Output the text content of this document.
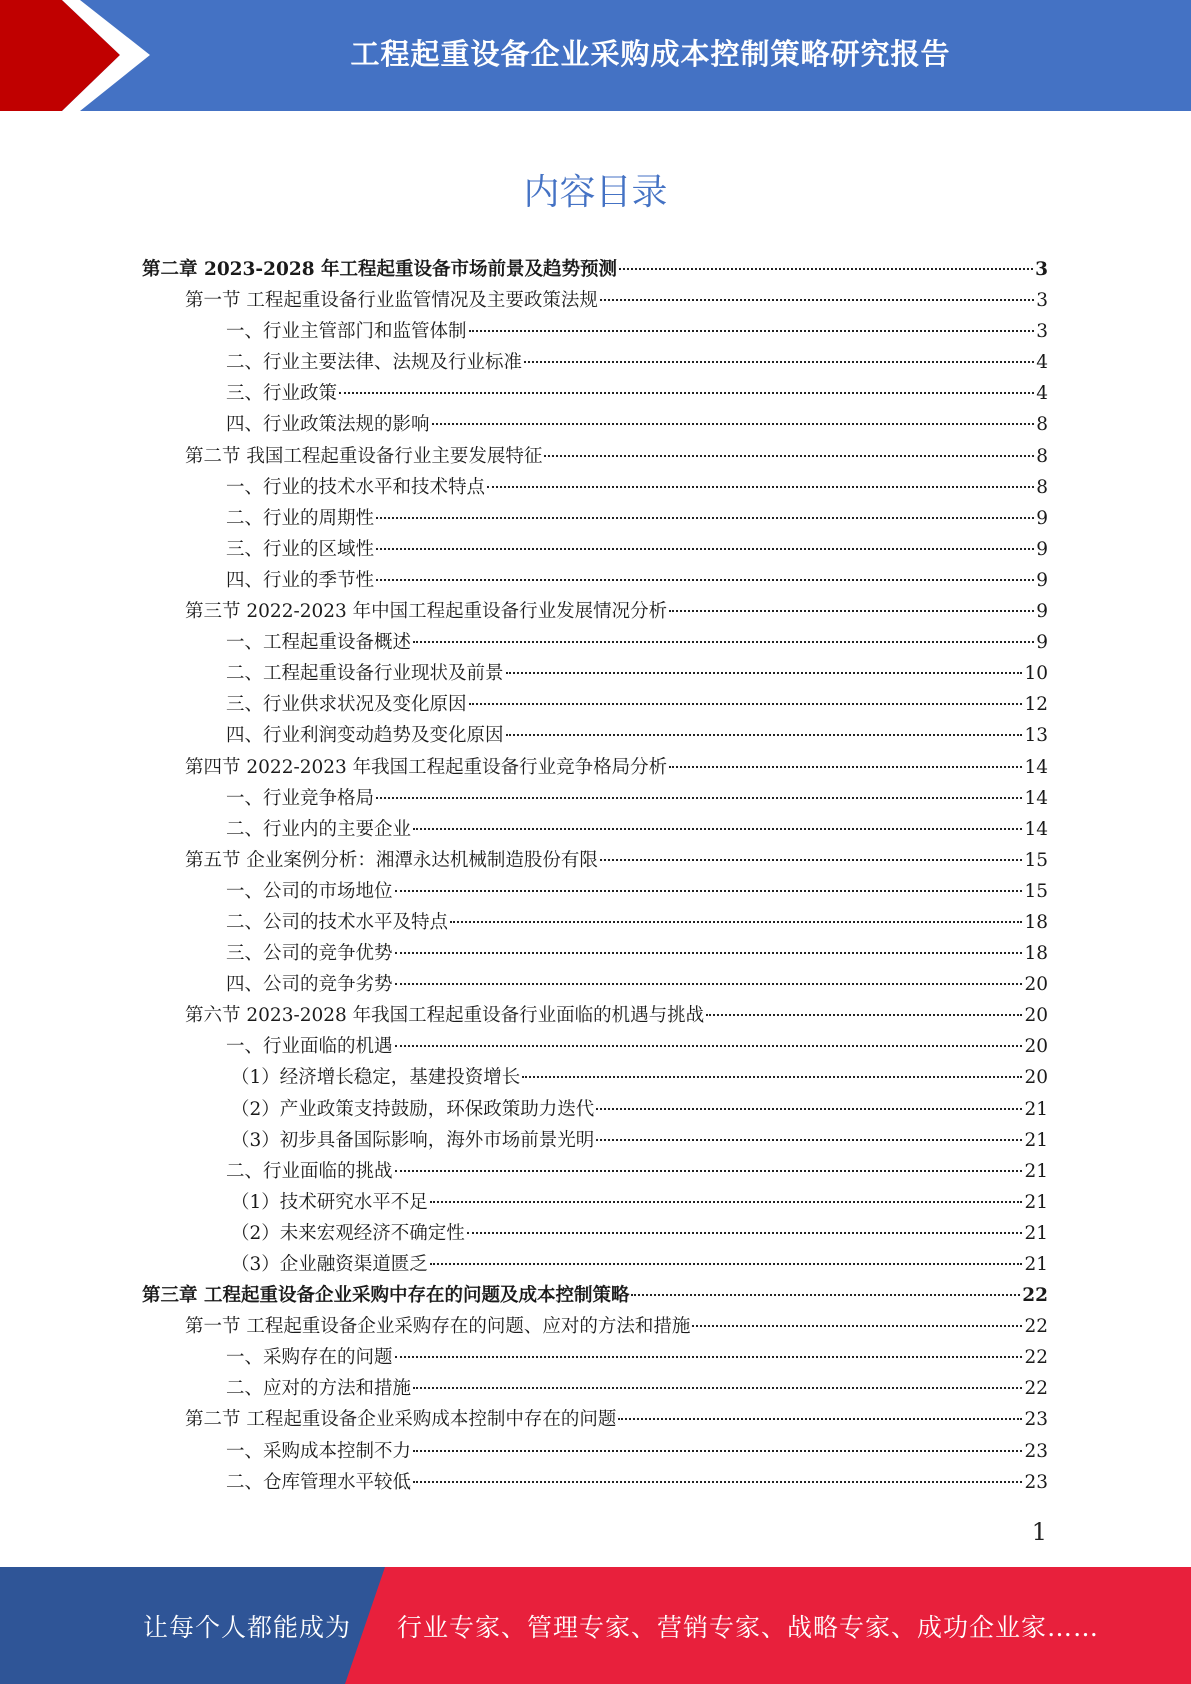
工程起重设备企业采购成本控制策略研究报告
内容目录
第二章 2023-2028 年工程起重设备市场前景及趋势预测	3
第一节 工程起重设备行业监管情况及主要政策法规	3
一、行业主管部门和监管体制	3
二、行业主要法律、法规及行业标准	4
三、行业政策	4
四、行业政策法规的影响	8
第二节 我国工程起重设备行业主要发展特征	8
一、行业的技术水平和技术特点	8
二、行业的周期性	9
三、行业的区域性	9
四、行业的季节性	9
第三节 2022-2023 年中国工程起重设备行业发展情况分析	9
一、工程起重设备概述	9
二、工程起重设备行业现状及前景	10
三、行业供求状况及变化原因	12
四、行业利润变动趋势及变化原因	13
第四节 2022-2023 年我国工程起重设备行业竞争格局分析	14
一、行业竞争格局	14
二、行业内的主要企业	14
第五节 企业案例分析：湘潭永达机械制造股份有限	15
一、公司的市场地位	15
二、公司的技术水平及特点	18
三、公司的竞争优势	18
四、公司的竞争劣势	20
第六节 2023-2028 年我国工程起重设备行业面临的机遇与挑战	20
一、行业面临的机遇	20
（1）经济增长稳定，基建投资增长	20
（2）产业政策支持鼓励，环保政策助力迭代	21
（3）初步具备国际影响，海外市场前景光明	21
二、行业面临的挑战	21
（1）技术研究水平不足	21
（2）未来宏观经济不确定性	21
（3）企业融资渠道匮乏	21
第三章 工程起重设备企业采购中存在的问题及成本控制策略	22
第一节 工程起重设备企业采购存在的问题、应对的方法和措施	22
一、采购存在的问题	22
二、应对的方法和措施	22
第二节 工程起重设备企业采购成本控制中存在的问题	23
一、采购成本控制不力	23
二、仓库管理水平较低	23
1
让每个人都能成为 行业专家、管理专家、营销专家、战略专家、成功企业家……
